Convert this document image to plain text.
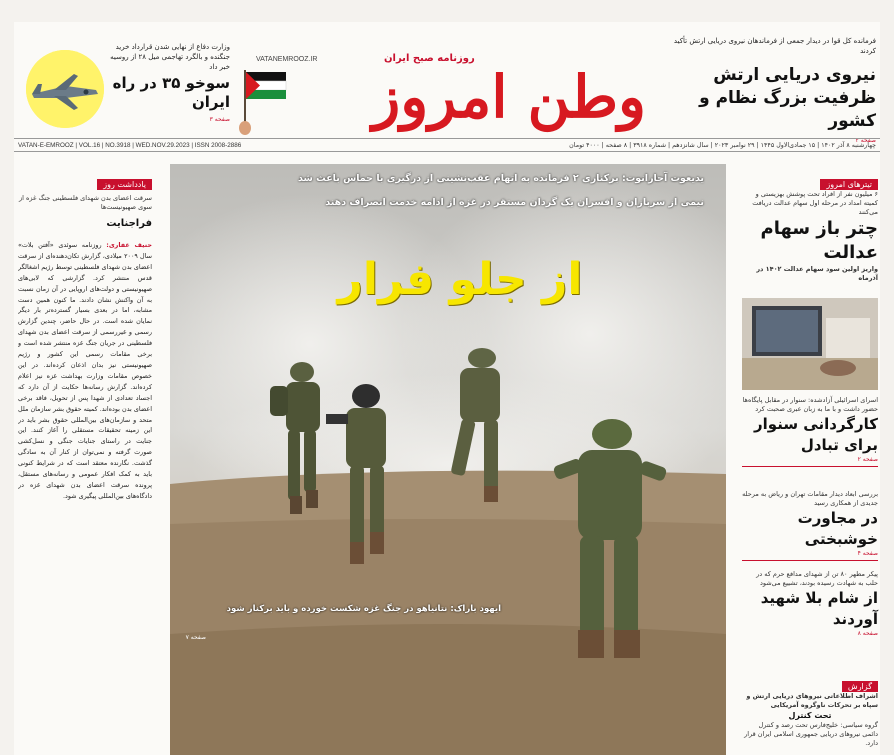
وزارت دفاع از نهایی شدن قرارداد خرید جنگنده و بالگرد تهاجمی میل ۲۸ از روسیه خبر داد
سوخو ۳۵ در راه ایران
صفحه ۳
VATANEMROOZ.IR	روزنامه صبح ایران
وطن امروز
فرمانده کل قوا در دیدار جمعی از فرماندهان نیروی دریایی ارتش تأکید کردند
نیروی دریایی ارتش ظرفیت بزرگ نظام و کشور
صفحه ۲
VATAN-E-EMROOZ | VOL.16 | NO.3918 | WED.NOV.29.2023 | ISSN 2008-2886	چهارشنبه ۸ آذر ۱۴۰۲ | ۱۵ جمادی‌الاول ۱۴۴۵ | ۲۹ نوامبر ۲۰۲۳ | سال شانزدهم | شماره ۳۹۱۸ | ۸ صفحه | ۴۰۰۰ تومان
یادداشت روز
سرقت اعضای بدن شهدای فلسطینی جنگ غزه از سوی صهیونیست‌ها
فراجنایت
حنیف غفاری: روزنامه سوئدی «آفتن بلات» سال ۲۰۰۹ میلادی، گزارش تکان‌دهنده‌ای از سرقت اعضای بدن شهدای فلسطینی توسط رژیم اشغالگر قدس منتشر کرد. گزارشی که لابی‌های صهیونیستی و دولت‌های اروپایی در آن زمان نسبت به آن واکنش نشان دادند. ما کنون همین دست مشابه، اما در بعدی بسیار گسترده‌تر بار دیگر نمایان شده است. در حال حاضر، چندین گزارش رسمی و غیررسمی از سرقت اعضای بدن شهدای فلسطینی در جریان جنگ غزه منتشر شده است و برخی مقامات رسمی این کشور و رژیم صهیونیستی نیز بدان اذعان کرده‌اند. در این خصوص مقامات وزارت بهداشت غزه نیز اعلام کرده‌اند. گزارش رسانه‌ها حکایت از آن دارد که اجساد تعدادی از شهدا پس از تحویل، فاقد برخی اعضای بدن بوده‌اند. کمیته حقوق بشر سازمان ملل متحد و سازمان‌های بین‌المللی حقوق بشر باید در این زمینه تحقیقات مستقلی را آغاز کنند. این جنایت در راستای جنایات جنگی و نسل‌کشی صورت گرفته و نمی‌توان از کنار آن به سادگی گذشت. نگارنده معتقد است که در شرایط کنونی باید به کمک افکار عمومی و رسانه‌های مستقل، پرونده سرقت اعضای بدن شهدای غزه در دادگاه‌های بین‌المللی پیگیری شود.
یدیعوت آحارانوت: برکناری ۲ فرمانده به اتهام عقب‌نشینی از درگیری با حماس باعث شد
نیمی از سربازان و افسران یک گردان مستقر در غزه از ادامه خدمت انصراف دهند
از جلو فرار
ایهود باراک: نتانیاهو در جنگ غزه شکست خورده و باید برکنار شود
صفحه ۷
تیترهای امروز
۶ میلیون نفر از افراد تحت پوشش بهزیستی و کمیته امداد در مرحله اول سهام عدالت دریافت می‌کنند
چتر باز سهام عدالت
واریز اولین سود سهام عدالت ۱۴۰۲ در آذرماه
اسرای اسرائیلی آزادشده: سنوار در مقابل پایگاه‌ها حضور داشت و با ما به زبان عبری صحبت کرد
کارگردانی سنوار برای تبادل
صفحه ۲
بررسی ابعاد دیدار مقامات تهران و ریاض به مرحله جدیدی از همکاری رسید
در مجاورت خوشبختی
صفحه ۴
پیکر مطهر ۸۰ تن از شهدای مدافع حرم که در حلب به شهادت رسیده بودند، تشییع می‌شود
از شام بلا شهید آوردند
صفحه ۸
گزارش
اشراف اطلاعاتی نیروهای دریایی ارتش و سپاه بر تحرکات ناوگروه آمریکایی
تحت کنترل
گروه سیاسی: خلیج‌فارس تحت رصد و کنترل دائمی نیروهای دریایی جمهوری اسلامی ایران قرار دارد.
